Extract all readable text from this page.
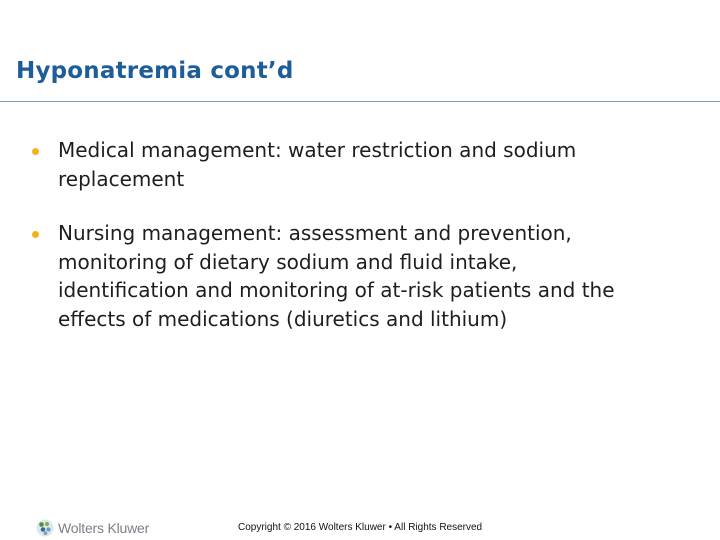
Hyponatremia cont’d
Medical management: water restriction and sodium replacement
Nursing management: assessment and prevention, monitoring of dietary sodium and fluid intake, identification and monitoring of at-risk patients and the effects of medications (diuretics and lithium)
Wolters Kluwer	Copyright © 2016 Wolters Kluwer • All Rights Reserved
